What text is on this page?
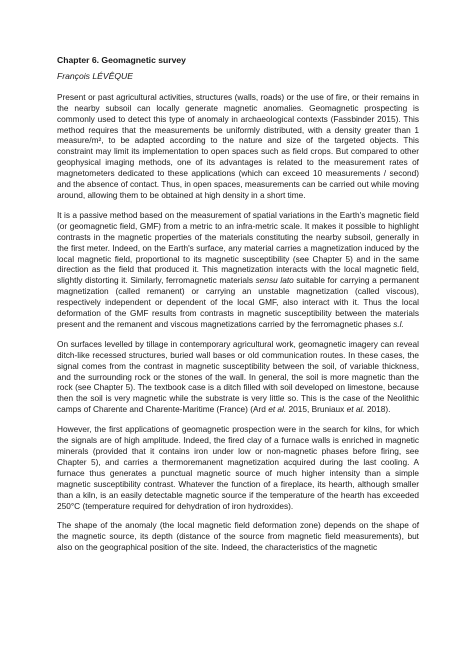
Chapter 6. Geomagnetic survey
François LÉVÊQUE

Present or past agricultural activities, structures (walls, roads) or the use of fire, or their remains in the nearby subsoil can locally generate magnetic anomalies. Geomagnetic prospecting is commonly used to detect this type of anomaly in archaeological contexts (Fassbinder 2015). This method requires that the measurements be uniformly distributed, with a density greater than 1 measure/m², to be adapted according to the nature and size of the targeted objects. This constraint may limit its implementation to open spaces such as field crops. But compared to other geophysical imaging methods, one of its advantages is related to the measurement rates of magnetometers dedicated to these applications (which can exceed 10 measurements / second) and the absence of contact. Thus, in open spaces, measurements can be carried out while moving around, allowing them to be obtained at high density in a short time.

It is a passive method based on the measurement of spatial variations in the Earth's magnetic field (or geomagnetic field, GMF) from a metric to an infra-metric scale. It makes it possible to highlight contrasts in the magnetic properties of the materials constituting the nearby subsoil, generally in the first meter. Indeed, on the Earth's surface, any material carries a magnetization induced by the local magnetic field, proportional to its magnetic susceptibility (see Chapter 5) and in the same direction as the field that produced it. This magnetization interacts with the local magnetic field, slightly distorting it. Similarly, ferromagnetic materials sensu lato suitable for carrying a permanent magnetization (called remanent) or carrying an unstable magnetization (called viscous), respectively independent or dependent of the local GMF, also interact with it. Thus the local deformation of the GMF results from contrasts in magnetic susceptibility between the materials present and the remanent and viscous magnetizations carried by the ferromagnetic phases s.l.

On surfaces levelled by tillage in contemporary agricultural work, geomagnetic imagery can reveal ditch-like recessed structures, buried wall bases or old communication routes. In these cases, the signal comes from the contrast in magnetic susceptibility between the soil, of variable thickness, and the surrounding rock or the stones of the wall. In general, the soil is more magnetic than the rock (see Chapter 5). The textbook case is a ditch filled with soil developed on limestone, because then the soil is very magnetic while the substrate is very little so. This is the case of the Neolithic camps of Charente and Charente-Maritime (France) (Ard et al. 2015, Bruniaux et al. 2018).

However, the first applications of geomagnetic prospection were in the search for kilns, for which the signals are of high amplitude. Indeed, the fired clay of a furnace walls is enriched in magnetic minerals (provided that it contains iron under low or non-magnetic phases before firing, see Chapter 5), and carries a thermoremanent magnetization acquired during the last cooling. A furnace thus generates a punctual magnetic source of much higher intensity than a simple magnetic susceptibility contrast. Whatever the function of a fireplace, its hearth, although smaller than a kiln, is an easily detectable magnetic source if the temperature of the hearth has exceeded 250°C (temperature required for dehydration of iron hydroxides).

The shape of the anomaly (the local magnetic field deformation zone) depends on the shape of the magnetic source, its depth (distance of the source from magnetic field measurements), but also on the geographical position of the site. Indeed, the characteristics of the magnetic
